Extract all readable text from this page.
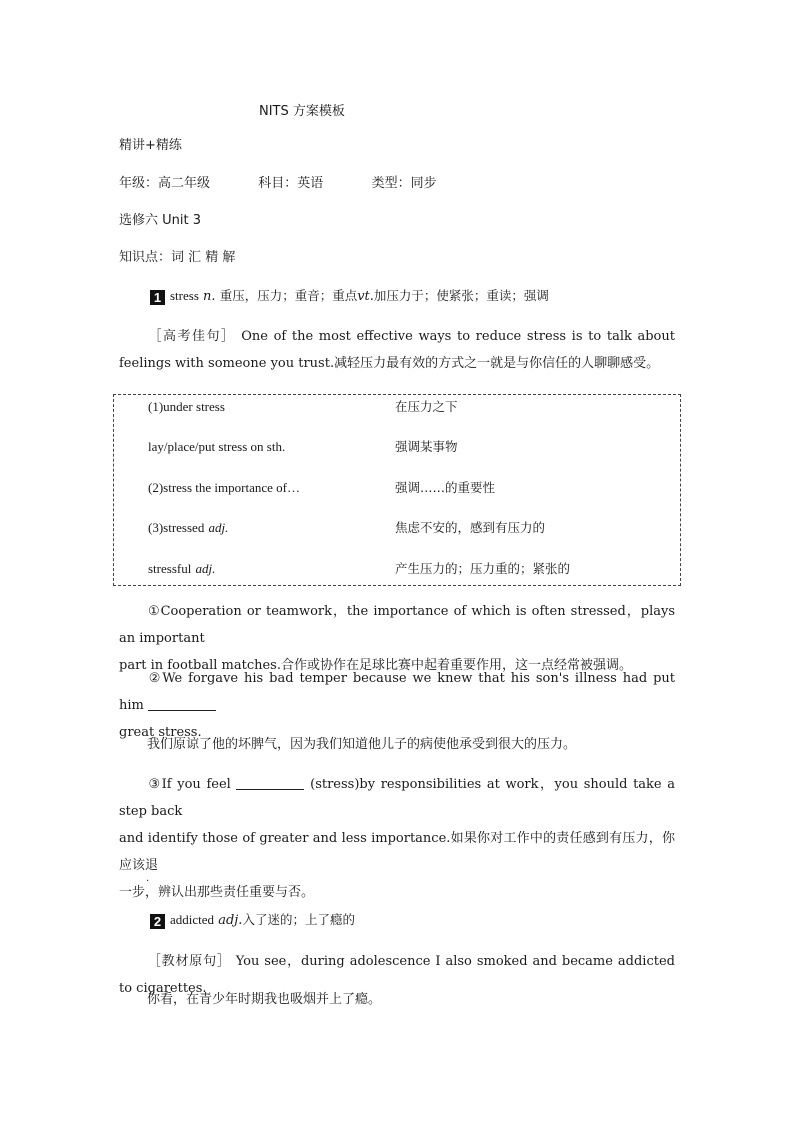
NITS 方案模板
精讲+精练
年级：高二年级	科目：英语	类型：同步
选修六 Unit 3
知识点：词 汇 精 解
1 stress n. 重压，压力；重音；重点vt.加压力于；使紧张；重读；强调
［高考佳句］ One of the most effective ways to reduce stress is to talk about feelings with someone you trust.减轻压力最有效的方式之一就是与你信任的人聊聊感受。
(1)under stress	在压力之下
lay/place/put stress on sth.	强调某事物
(2)stress the importance of…	强调……的重要性
(3)stressed adj.	焦虑不安的，感到有压力的
stressful adj.	产生压力的；压力重的；紧张的
①Cooperation or teamwork，the importance of which is often stressed，plays an important
part in football matches.合作或协作在足球比赛中起着重要作用，这一点经常被强调。
②We forgave his bad temper because we knew that his son's illness had put him
great stress.
我们原谅了他的坏脾气，因为我们知道他儿子的病使他承受到很大的压力。
③If you feel	(stress)by responsibilities at work，you should take a step back
and identify those of greater and less importance.如果你对工作中的责任感到有压力，你应该退
一步，辨认出那些责任重要与否。
.
2 addicted adj.入了迷的；上了瘾的
［教材原句］ You see，during adolescence I also smoked and became addicted to cigarettes.
你看，在青少年时期我也吸烟并上了瘾。
